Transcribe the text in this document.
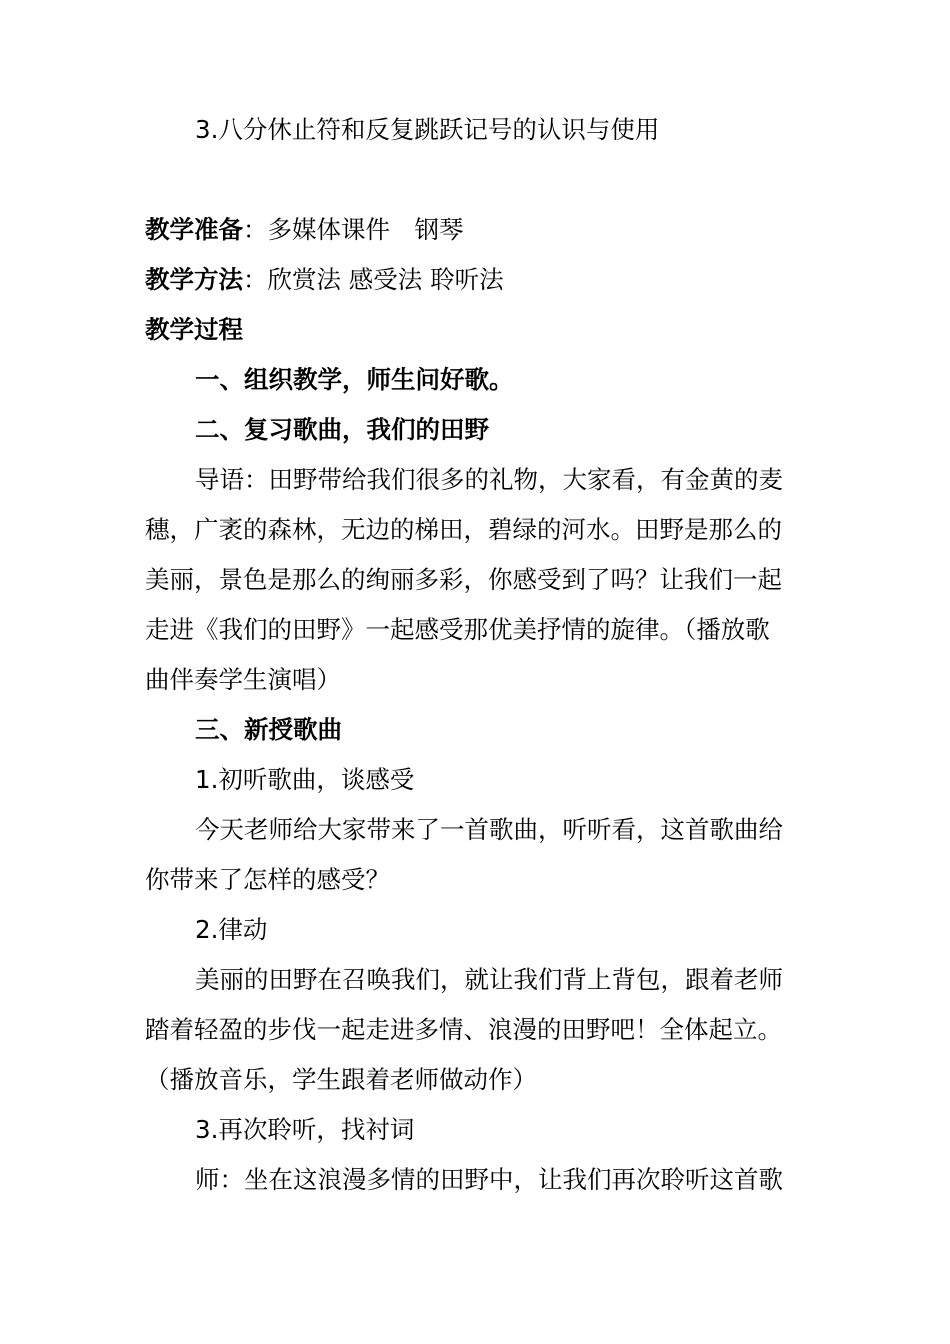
3.八分休止符和反复跳跃记号的认识与使用
教学准备：多媒体课件　钢琴
教学方法：欣赏法 感受法 聆听法
教学过程
一、组织教学，师生问好歌。
二、复习歌曲，我们的田野
导语：田野带给我们很多的礼物，大家看，有金黄的麦
穗，广袤的森林，无边的梯田，碧绿的河水。田野是那么的
美丽，景色是那么的绚丽多彩，你感受到了吗？让我们一起
走进《我们的田野》一起感受那优美抒情的旋律。（播放歌
曲伴奏学生演唱）
三、新授歌曲
1.初听歌曲，谈感受
今天老师给大家带来了一首歌曲，听听看，这首歌曲给
你带来了怎样的感受？
2.律动
美丽的田野在召唤我们，就让我们背上背包，跟着老师
踏着轻盈的步伐一起走进多情、浪漫的田野吧！全体起立。
（播放音乐，学生跟着老师做动作）
3.再次聆听，找衬词
师：坐在这浪漫多情的田野中，让我们再次聆听这首歌
